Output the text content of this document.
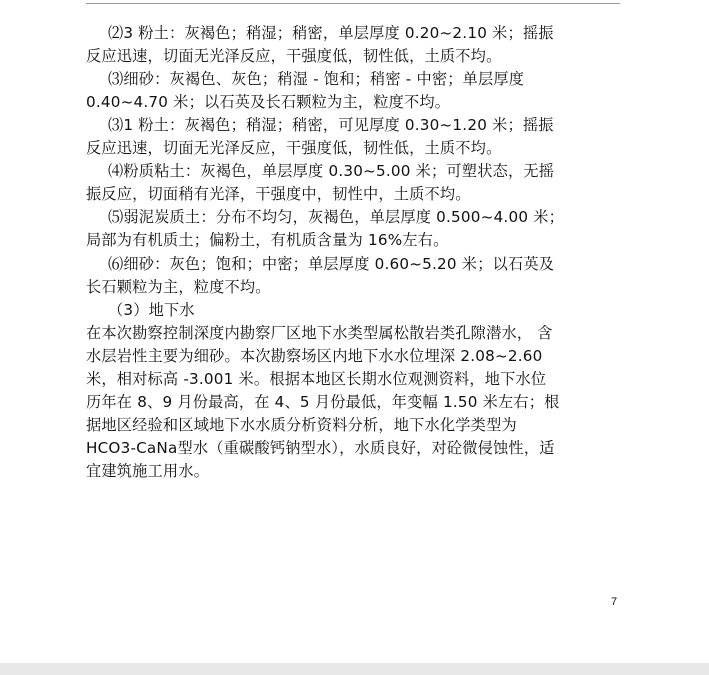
⑵3 粉土：灰褐色；稍湿；稍密，单层厚度 0.20~2.10 米；摇振
反应迅速，切面无光泽反应，干强度低，韧性低，土质不均。
⑶细砂：灰褐色、灰色；稍湿 - 饱和；稍密 - 中密；单层厚度
0.40~4.70 米；以石英及长石颗粒为主，粒度不均。
⑶1 粉土：灰褐色；稍湿；稍密，可见厚度 0.30~1.20 米；摇振
反应迅速，切面无光泽反应，干强度低，韧性低，土质不均。
⑷粉质粘土：灰褐色，单层厚度 0.30~5.00 米；可塑状态，无摇
振反应，切面稍有光泽，干强度中，韧性中，土质不均。
⑸弱泥炭质土：分布不均匀，灰褐色，单层厚度 0.500~4.00 米；
局部为有机质土；偏粉土，有机质含量为 16%左右。
⑹细砂：灰色；饱和；中密；单层厚度 0.60~5.20 米；以石英及
长石颗粒为主，粒度不均。
（3）地下水
在本次勘察控制深度内勘察厂区地下水类型属松散岩类孔隙潜水， 含
水层岩性主要为细砂。本次勘察场区内地下水水位埋深 2.08~2.60
米，相对标高 -3.001 米。根据本地区长期水位观测资料，地下水位
历年在 8、9 月份最高，在 4、5 月份最低，年变幅 1.50 米左右；根
据地区经验和区域地下水水质分析资料分析，地下水化学类型为
HCO3-CaNa型水（重碳酸钙钠型水），水质良好，对砼微侵蚀性，适
宜建筑施工用水。
7
